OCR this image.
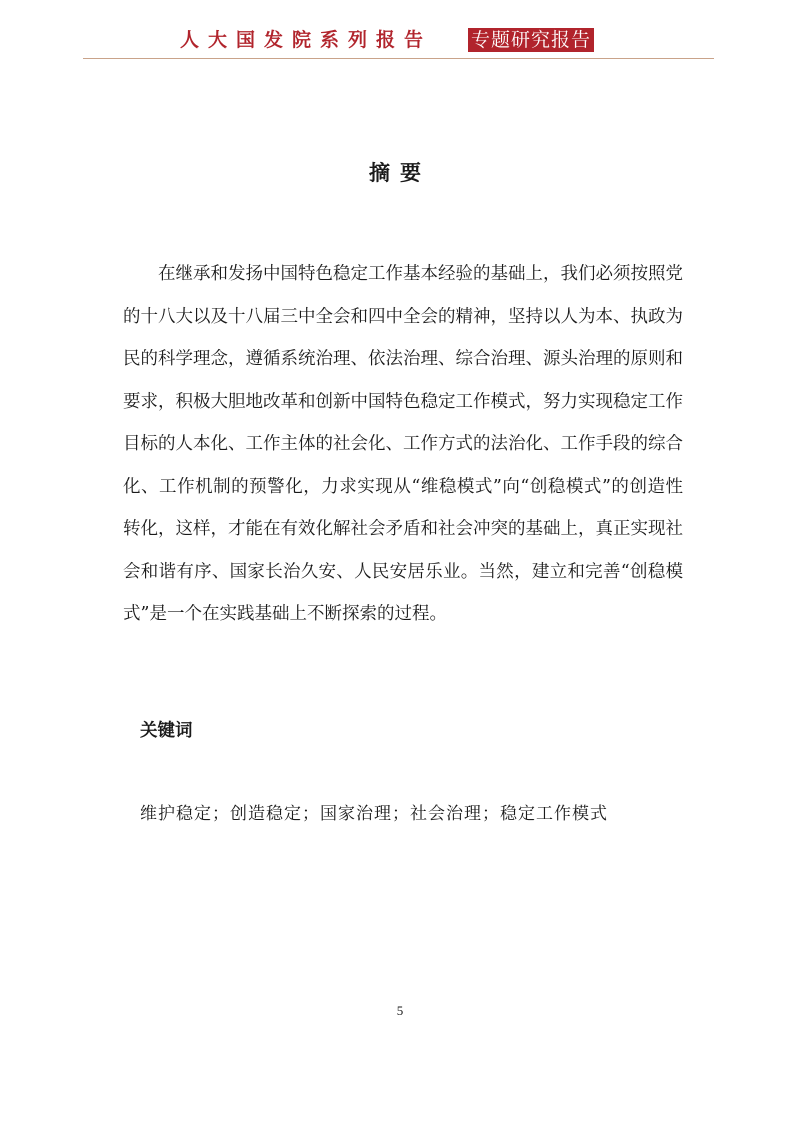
人大国发院系列报告 专题研究报告
摘要

在继承和发扬中国特色稳定工作基本经验的基础上，我们必须按照党的十八大以及十八届三中全会和四中全会的精神，坚持以人为本、执政为民的科学理念，遵循系统治理、依法治理、综合治理、源头治理的原则和要求，积极大胆地改革和创新中国特色稳定工作模式，努力实现稳定工作目标的人本化、工作主体的社会化、工作方式的法治化、工作手段的综合化、工作机制的预警化，力求实现从“维稳模式”向“创稳模式”的创造性转化，这样，才能在有效化解社会矛盾和社会冲突的基础上，真正实现社会和谐有序、国家长治久安、人民安居乐业。当然，建立和完善“创稳模式”是一个在实践基础上不断探索的过程。

关键词
维护稳定；创造稳定；国家治理；社会治理；稳定工作模式
5
